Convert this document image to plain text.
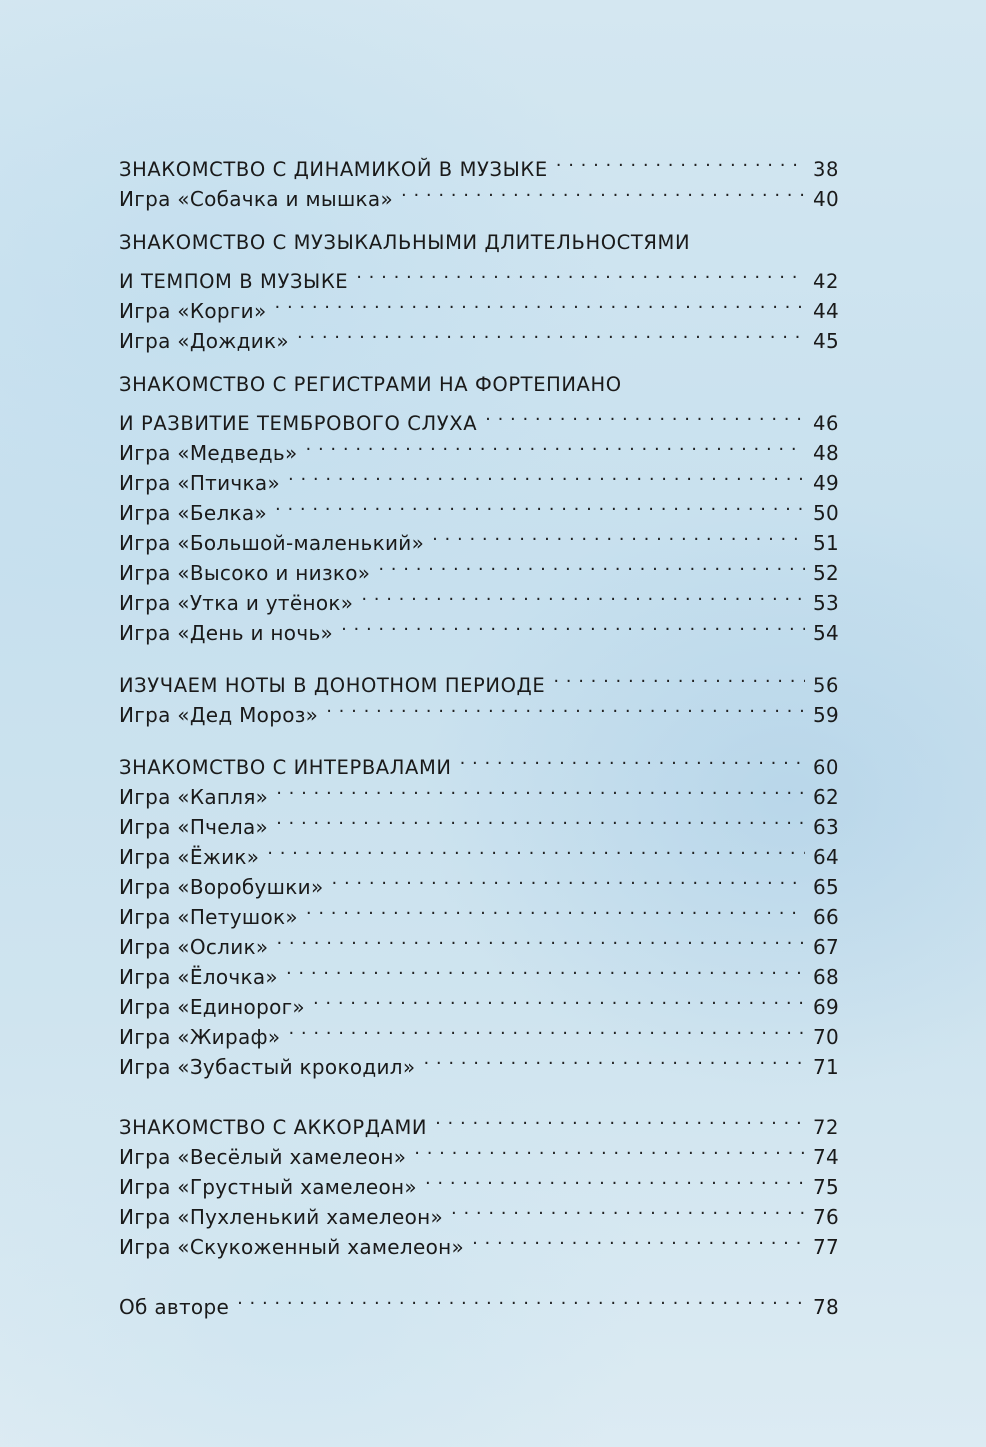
ЗНАКОМСТВО С ДИНАМИКОЙ В МУЗЫКЕ . . .	38
Игра «Собачка и мышка» . . .	40
ЗНАКОМСТВО С МУЗЫКАЛЬНЫМИ ДЛИТЕЛЬНОСТЯМИ
И ТЕМПОМ В МУЗЫКЕ . . .	42
Игра «Корги» . . .	44
Игра «Дождик» . . .	45
ЗНАКОМСТВО С РЕГИСТРАМИ НА ФОРТЕПИАНО
И РАЗВИТИЕ ТЕМБРОВОГО СЛУХА . . .	46
Игра «Медведь» . . .	48
Игра «Птичка» . . .	49
Игра «Белка» . . .	50
Игра «Большой-маленький» . . .	51
Игра «Высоко и низко» . . .	52
Игра «Утка и утёнок» . . .	53
Игра «День и ночь» . . .	54
ИЗУЧАЕМ НОТЫ В ДОНОТНОМ ПЕРИОДЕ . . .	56
Игра «Дед Мороз» . . .	59
ЗНАКОМСТВО С ИНТЕРВАЛАМИ . . .	60
Игра «Капля» . . .	62
Игра «Пчела» . . .	63
Игра «Ёжик» . . .	64
Игра «Воробушки» . . .	65
Игра «Петушок» . . .	66
Игра «Ослик» . . .	67
Игра «Ёлочка» . . .	68
Игра «Единорог» . . .	69
Игра «Жираф» . . .	70
Игра «Зубастый крокодил» . . .	71
ЗНАКОМСТВО С АККОРДАМИ . . .	72
Игра «Весёлый хамелеон» . . .	74
Игра «Грустный хамелеон» . . .	75
Игра «Пухленький хамелеон» . . .	76
Игра «Скукоженный хамелеон» . . .	77
Об авторе . . .	78
